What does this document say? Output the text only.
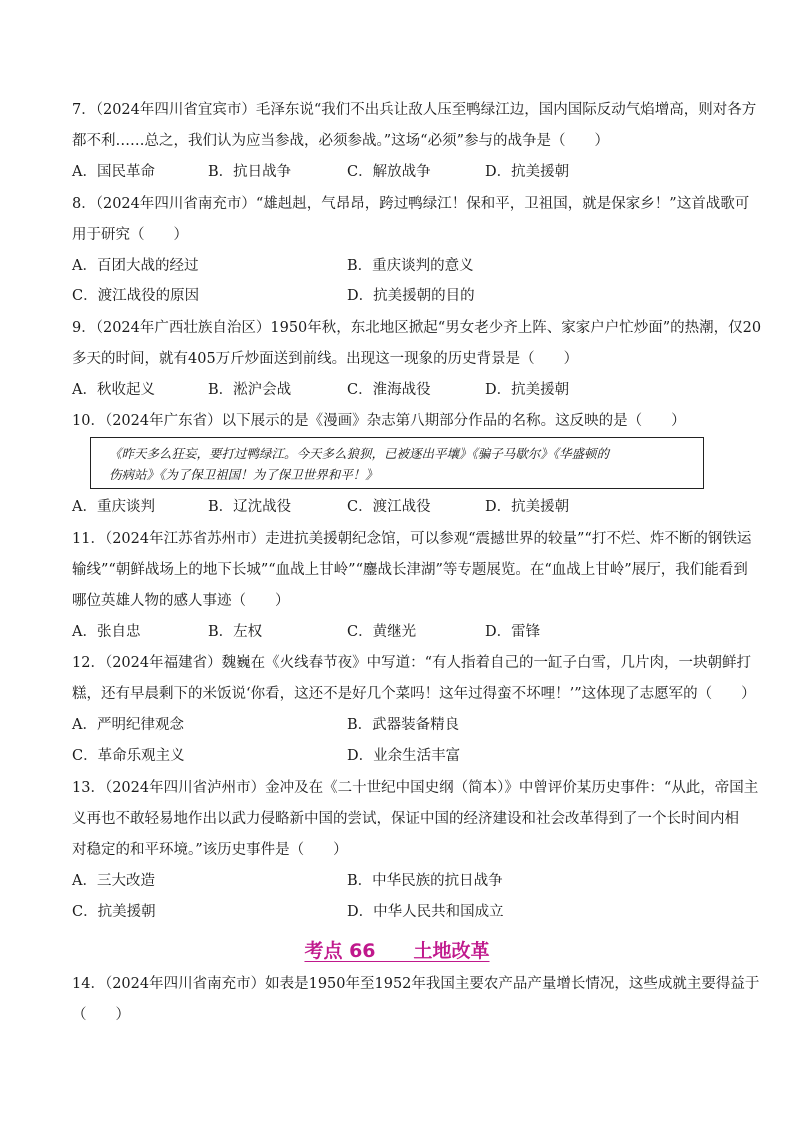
7．（2024年四川省宜宾市）毛泽东说“我们不出兵让敌人压至鸭绿江边，国内国际反动气焰增高，则对各方
都不利……总之，我们认为应当参战，必须参战。”这场“必须”参与的战争是（　　）
A．国民革命	B．抗日战争	C．解放战争	D．抗美援朝
8．（2024年四川省南充市）“雄赳赳，气昂昂，跨过鸭绿江！保和平，卫祖国，就是保家乡！”这首战歌可
用于研究（　　）
A．百团大战的经过	B．重庆谈判的意义
C．渡江战役的原因	D．抗美援朝的目的
9．（2024年广西壮族自治区）1950年秋，东北地区掀起“男女老少齐上阵、家家户户忙炒面”的热潮，仅20
多天的时间，就有405万斤炒面送到前线。出现这一现象的历史背景是（　　）
A．秋收起义	B．淞沪会战	C．淮海战役	D．抗美援朝
10．（2024年广东省）以下展示的是《漫画》杂志第八期部分作品的名称。这反映的是（　　）
《昨天多么狂妄，要打过鸭绿江。今天多么狼狈，已被逐出平壤》《骗子马歇尔》《华盛顿的
伤病站》《为了保卫祖国！为了保卫世界和平！》
A．重庆谈判	B．辽沈战役	C．渡江战役	D．抗美援朝
11．（2024年江苏省苏州市）走进抗美援朝纪念馆，可以参观“震撼世界的较量”“打不烂、炸不断的钢铁运
输线”“朝鲜战场上的地下长城”“血战上甘岭”“鏖战长津湖”等专题展览。在“血战上甘岭”展厅，我们能看到
哪位英雄人物的感人事迹（　　）
A．张自忠	B．左权	C．黄继光	D．雷锋
12．（2024年福建省）魏巍在《火线春节夜》中写道：“有人指着自己的一缸子白雪，几片肉，一块朝鲜打
糕，还有早晨剩下的米饭说‘你看，这还不是好几个菜吗！这年过得蛮不坏哩！’”这体现了志愿军的（　　）
A．严明纪律观念	B．武器装备精良
C．革命乐观主义	D．业余生活丰富
13．（2024年四川省泸州市）金冲及在《二十世纪中国史纲（简本）》中曾评价某历史事件：“从此，帝国主
义再也不敢轻易地作出以武力侵略新中国的尝试，保证中国的经济建设和社会改革得到了一个长时间内相
对稳定的和平环境。”该历史事件是（　　）
A．三大改造	B．中华民族的抗日战争
C．抗美援朝	D．中华人民共和国成立
考点 66　　土地改革
14．（2024年四川省南充市）如表是1950年至1952年我国主要农产品产量增长情况，这些成就主要得益于
（　　）
